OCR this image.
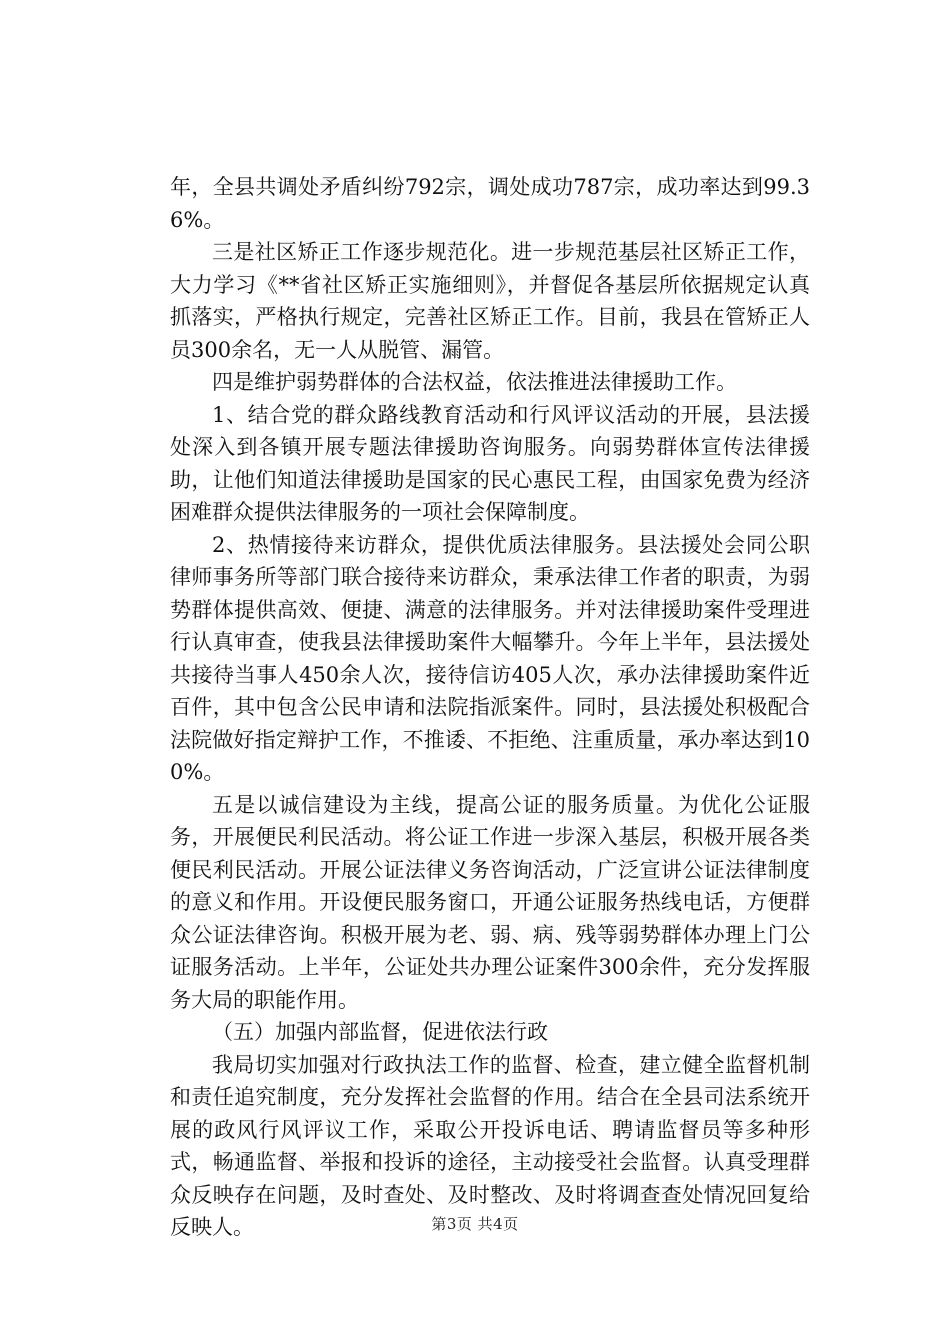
年，全县共调处矛盾纠纷792宗，调处成功787宗，成功率达到99.36%。

三是社区矫正工作逐步规范化。进一步规范基层社区矫正工作，大力学习《**省社区矫正实施细则》，并督促各基层所依据规定认真抓落实，严格执行规定，完善社区矫正工作。目前，我县在管矫正人员300余名，无一人从脱管、漏管。

四是维护弱势群体的合法权益，依法推进法律援助工作。

1、结合党的群众路线教育活动和行风评议活动的开展，县法援处深入到各镇开展专题法律援助咨询服务。向弱势群体宣传法律援助，让他们知道法律援助是国家的民心惠民工程，由国家免费为经济困难群众提供法律服务的一项社会保障制度。

2、热情接待来访群众，提供优质法律服务。县法援处会同公职律师事务所等部门联合接待来访群众，秉承法律工作者的职责，为弱势群体提供高效、便捷、满意的法律服务。并对法律援助案件受理进行认真审查，使我县法律援助案件大幅攀升。今年上半年，县法援处共接待当事人450余人次，接待信访405人次，承办法律援助案件近百件，其中包含公民申请和法院指派案件。同时，县法援处积极配合法院做好指定辩护工作，不推诿、不拒绝、注重质量，承办率达到100%。

五是以诚信建设为主线，提高公证的服务质量。为优化公证服务，开展便民利民活动。将公证工作进一步深入基层，积极开展各类便民利民活动。开展公证法律义务咨询活动，广泛宣讲公证法律制度的意义和作用。开设便民服务窗口，开通公证服务热线电话，方便群众公证法律咨询。积极开展为老、弱、病、残等弱势群体办理上门公证服务活动。上半年，公证处共办理公证案件300余件，充分发挥服务大局的职能作用。

（五）加强内部监督，促进依法行政

我局切实加强对行政执法工作的监督、检查，建立健全监督机制和责任追究制度，充分发挥社会监督的作用。结合在全县司法系统开展的政风行风评议工作，采取公开投诉电话、聘请监督员等多种形式，畅通监督、举报和投诉的途径，主动接受社会监督。认真受理群众反映存在问题，及时查处、及时整改、及时将调查查处情况回复给反映人。	第3页 共4页
